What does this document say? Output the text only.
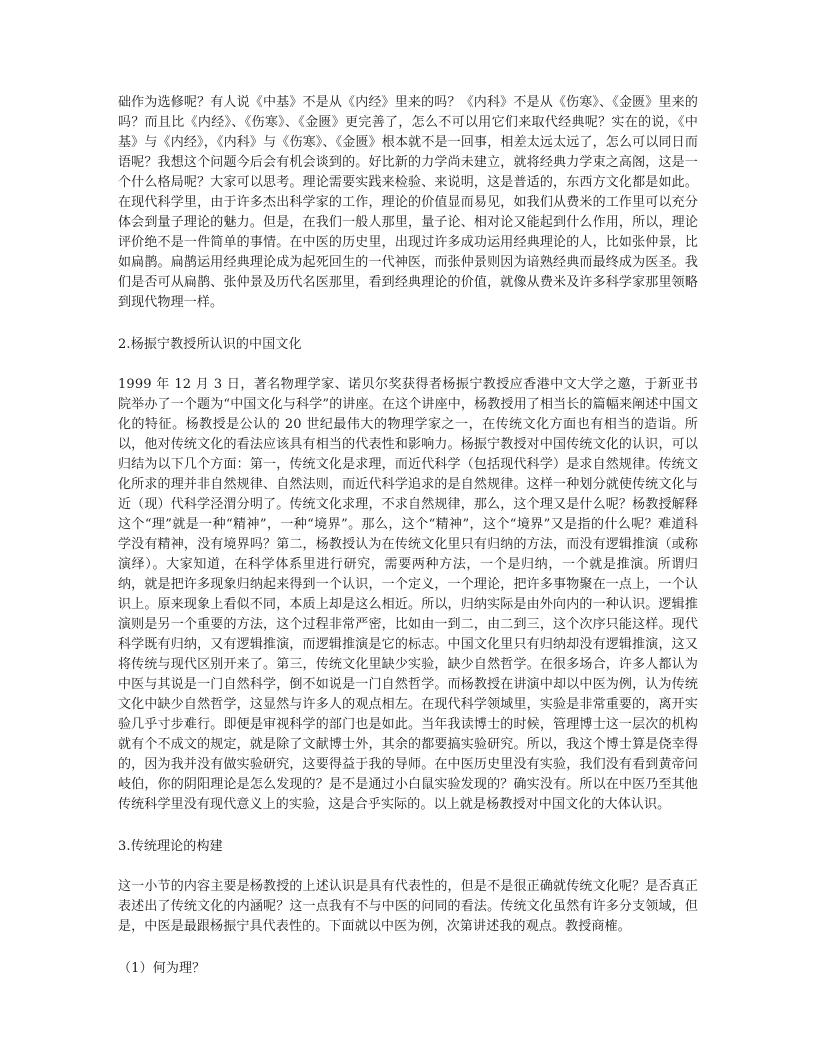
础作为选修呢？有人说《中基》不是从《内经》里来的吗？《内科》不是从《伤寒》、《金匮》里来的吗？而且比《内经》、《伤寒》、《金匮》更完善了，怎么不可以用它们来取代经典呢？实在的说，《中基》与《内经》，《内科》与《伤寒》、《金匮》根本就不是一回事，相差太远太远了，怎么可以同日而语呢？我想这个问题今后会有机会谈到的。好比新的力学尚未建立，就将经典力学束之高阁，这是一个什么格局呢？大家可以思考。理论需要实践来检验、来说明，这是普适的，东西方文化都是如此。在现代科学里，由于许多杰出科学家的工作，理论的价值显而易见，如我们从费米的工作里可以充分体会到量子理论的魅力。但是，在我们一般人那里，量子论、相对论又能起到什么作用，所以，理论评价绝不是一件简单的事情。在中医的历史里，出现过许多成功运用经典理论的人，比如张仲景，比如扁鹊。扁鹊运用经典理论成为起死回生的一代神医，而张仲景则因为谙熟经典而最终成为医圣。我们是否可从扁鹊、张仲景及历代名医那里，看到经典理论的价值，就像从费米及许多科学家那里领略到现代物理一样。

2.杨振宁教授所认识的中国文化

1999 年 12 月 3 日，著名物理学家、诺贝尔奖获得者杨振宁教授应香港中文大学之邀，于新亚书院举办了一个题为“中国文化与科学”的讲座。在这个讲座中，杨教授用了相当长的篇幅来阐述中国文化的特征。杨教授是公认的 20 世纪最伟大的物理学家之一，在传统文化方面也有相当的造诣。所以，他对传统文化的看法应该具有相当的代表性和影响力。杨振宁教授对中国传统文化的认识，可以归结为以下几个方面：第一，传统文化是求理，而近代科学（包括现代科学）是求自然规律。传统文化所求的理并非自然规律、自然法则，而近代科学追求的是自然规律。这样一种划分就使传统文化与近（现）代科学泾渭分明了。传统文化求理，不求自然规律，那么，这个理又是什么呢？杨教授解释这个“理”就是一种“精神”，一种“境界”。那么，这个“精神”，这个“境界”又是指的什么呢？难道科学没有精神，没有境界吗？第二，杨教授认为在传统文化里只有归纳的方法，而没有逻辑推演（或称演绎）。大家知道，在科学体系里进行研究，需要两种方法，一个是归纳，一个就是推演。所谓归纳，就是把许多现象归纳起来得到一个认识，一个定义，一个理论，把许多事物聚在一点上，一个认识上。原来现象上看似不同，本质上却是这么相近。所以，归纳实际是由外向内的一种认识。逻辑推演则是另一个重要的方法，这个过程非常严密，比如由一到二，由二到三，这个次序只能这样。现代科学既有归纳，又有逻辑推演，而逻辑推演是它的标志。中国文化里只有归纳却没有逻辑推演，这又将传统与现代区别开来了。第三，传统文化里缺少实验，缺少自然哲学。在很多场合，许多人都认为中医与其说是一门自然科学，倒不如说是一门自然哲学。而杨教授在讲演中却以中医为例，认为传统文化中缺少自然哲学，这显然与许多人的观点相左。在现代科学领域里，实验是非常重要的，离开实验几乎寸步难行。即便是审视科学的部门也是如此。当年我读博士的时候，管理博士这一层次的机构就有个不成文的规定，就是除了文献博士外，其余的都要搞实验研究。所以，我这个博士算是侥幸得的，因为我并没有做实验研究，这要得益于我的导师。在中医历史里没有实验，我们没有看到黄帝问岐伯，你的阴阳理论是怎么发现的？是不是通过小白鼠实验发现的？确实没有。所以在中医乃至其他传统科学里没有现代意义上的实验，这是合乎实际的。以上就是杨教授对中国文化的大体认识。

3.传统理论的构建

这一小节的内容主要是杨教授的上述认识是具有代表性的，但是不是很正确就传统文化呢？是否真正表述出了传统文化的内涵呢？这一点我有不与中医的问同的看法。传统文化虽然有许多分支领域，但是，中医是最跟杨振宁具代表性的。下面就以中医为例，次第讲述我的观点。教授商榷。

（1）何为理？
